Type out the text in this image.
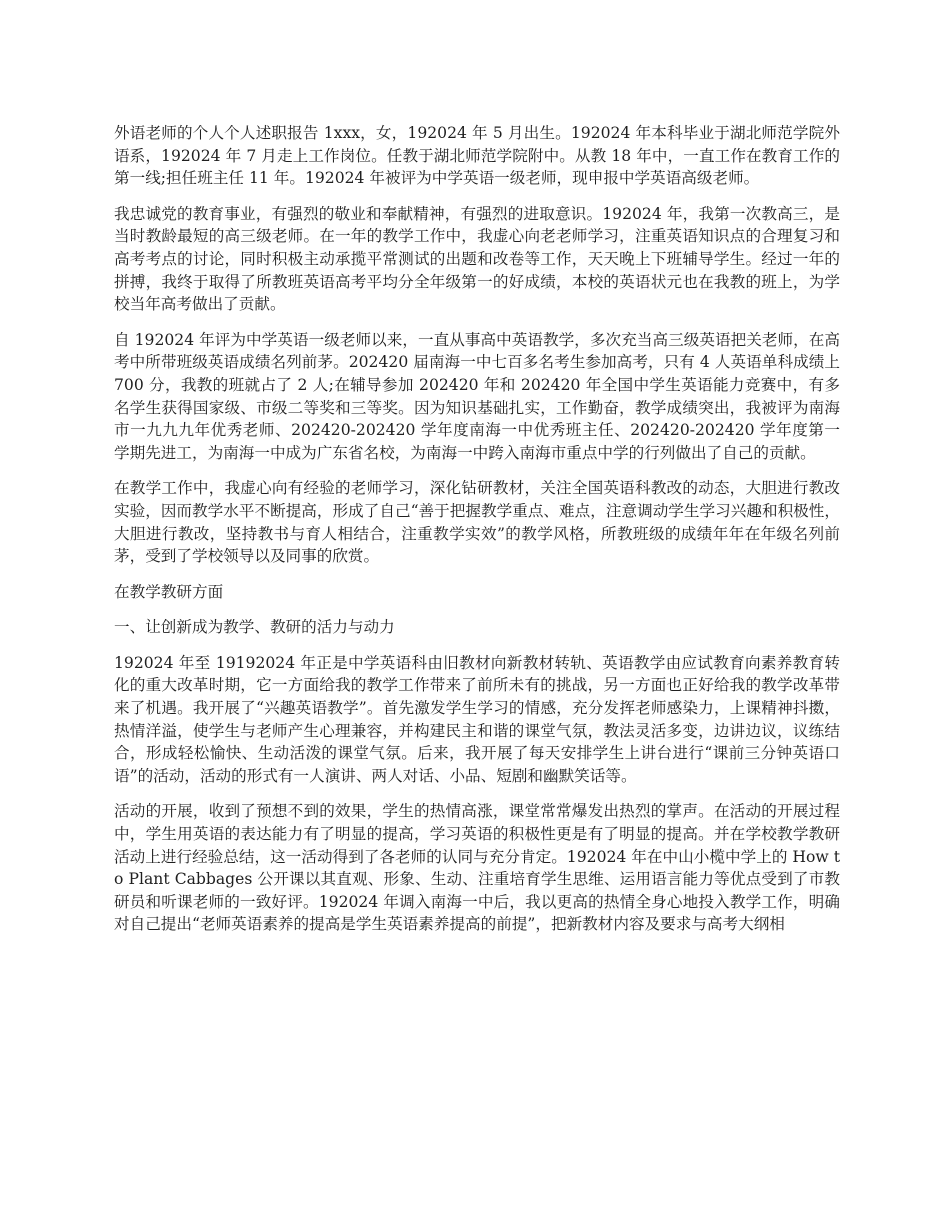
外语老师的个人个人述职报告 1xxx，女，192024 年 5 月出生。192024 年本科毕业于湖北师范学院外语系，192024 年 7 月走上工作岗位。任教于湖北师范学院附中。从教 18 年中，一直工作在教育工作的第一线;担任班主任 11 年。192024 年被评为中学英语一级老师，现申报中学英语高级老师。

我忠诚党的教育事业，有强烈的敬业和奉献精神，有强烈的进取意识。192024 年，我第一次教高三，是当时教龄最短的高三级老师。在一年的教学工作中，我虚心向老老师学习，注重英语知识点的合理复习和高考考点的讨论，同时积极主动承揽平常测试的出题和改卷等工作，天天晚上下班辅导学生。经过一年的拼搏，我终于取得了所教班英语高考平均分全年级第一的好成绩，本校的英语状元也在我教的班上，为学校当年高考做出了贡献。

自 192024 年评为中学英语一级老师以来，一直从事高中英语教学，多次充当高三级英语把关老师，在高考中所带班级英语成绩名列前茅。202420 届南海一中七百多名考生参加高考，只有 4 人英语单科成绩上 700 分，我教的班就占了 2 人;在辅导参加 202420 年和 202420 年全国中学生英语能力竞赛中，有多名学生获得国家级、市级二等奖和三等奖。因为知识基础扎实，工作勤奋，教学成绩突出，我被评为南海市一九九九年优秀老师、202420-202420 学年度南海一中优秀班主任、202420-202420 学年度第一学期先进工，为南海一中成为广东省名校，为南海一中跨入南海市重点中学的行列做出了自己的贡献。

在教学工作中，我虚心向有经验的老师学习，深化钻研教材，关注全国英语科教改的动态，大胆进行教改实验，因而教学水平不断提高，形成了自己“善于把握教学重点、难点，注意调动学生学习兴趣和积极性，大胆进行教改，坚持教书与育人相结合，注重教学实效”的教学风格，所教班级的成绩年年在年级名列前茅，受到了学校领导以及同事的欣赏。

在教学教研方面

一、让创新成为教学、教研的活力与动力

192024 年至 19192024 年正是中学英语科由旧教材向新教材转轨、英语教学由应试教育向素养教育转化的重大改革时期，它一方面给我的教学工作带来了前所未有的挑战，另一方面也正好给我的教学改革带来了机遇。我开展了“兴趣英语教学”。首先激发学生学习的情感，充分发挥老师感染力，上课精神抖擞，热情洋溢，使学生与老师产生心理兼容，并构建民主和谐的课堂气氛，教法灵活多变，边讲边议，议练结合，形成轻松愉快、生动活泼的课堂气氛。后来，我开展了每天安排学生上讲台进行“课前三分钟英语口语”的活动，活动的形式有一人演讲、两人对话、小品、短剧和幽默笑话等。

活动的开展，收到了预想不到的效果，学生的热情高涨，课堂常常爆发出热烈的掌声。在活动的开展过程中，学生用英语的表达能力有了明显的提高，学习英语的积极性更是有了明显的提高。并在学校教学教研活动上进行经验总结，这一活动得到了各老师的认同与充分肯定。192024 年在中山小榄中学上的 How to Plant Cabbages 公开课以其直观、形象、生动、注重培育学生思维、运用语言能力等优点受到了市教研员和听课老师的一致好评。192024 年调入南海一中后，我以更高的热情全身心地投入教学工作，明确对自己提出“老师英语素养的提高是学生英语素养提高的前提”，把新教材内容及要求与高考大纲相
